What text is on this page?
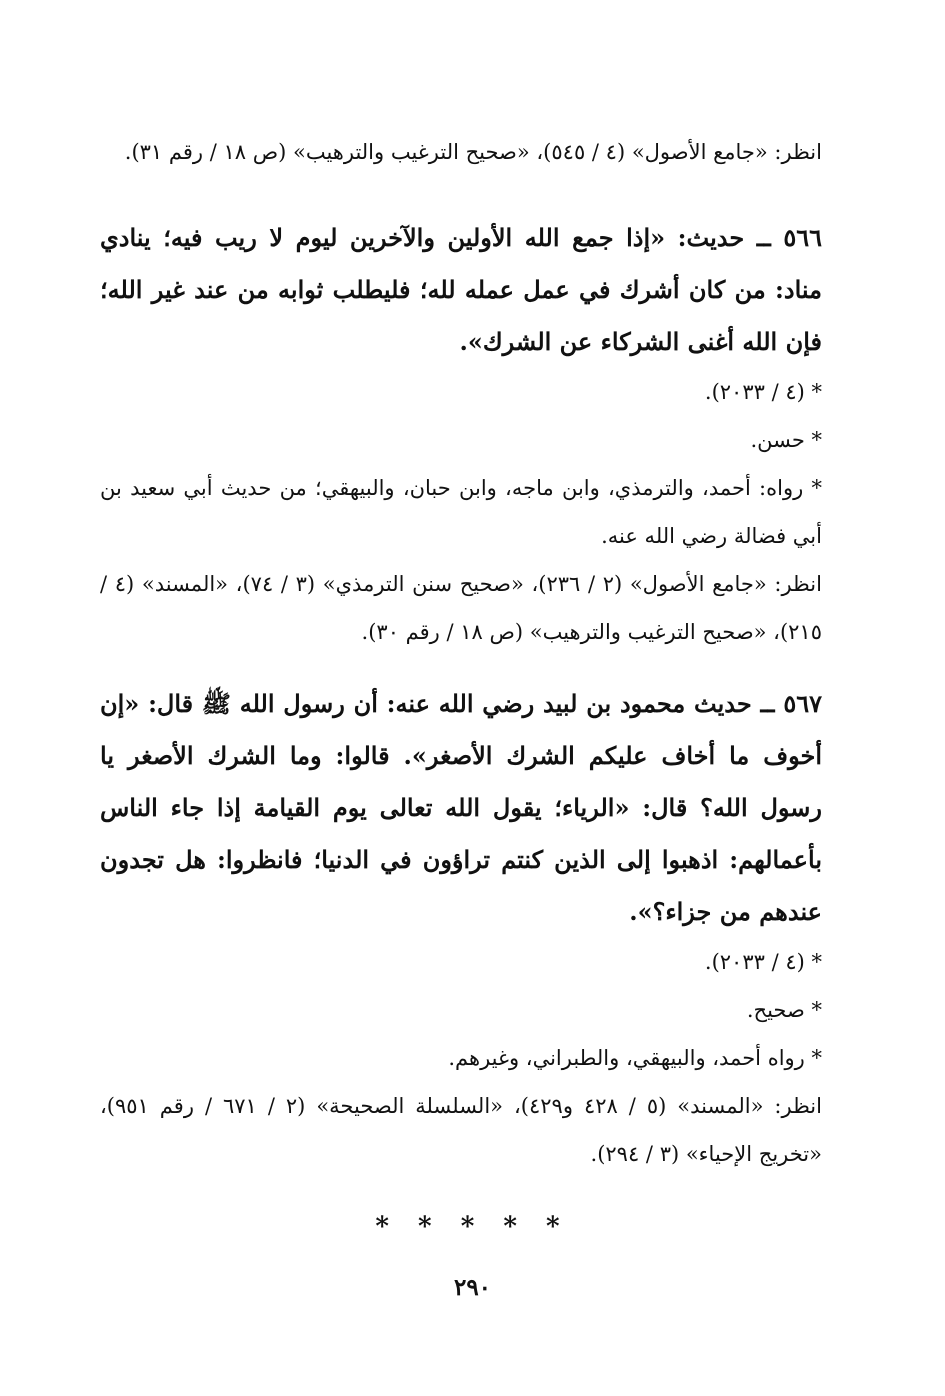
انظر: «جامع الأصول» (٤ / ٥٤٥)، «صحيح الترغيب والترهيب» (ص ١٨ / رقم ٣١).

٥٦٦ ــ حديث: «إذا جمع الله الأولين والآخرين ليوم لا ريب فيه؛ ينادي مناد: من كان أشرك في عمل عمله لله؛ فليطلب ثوابه من عند غير الله؛ فإن الله أغنى الشركاء عن الشرك».

* (٤ / ٢٠٣٣).

* حسن.

* رواه: أحمد، والترمذي، وابن ماجه، وابن حبان، والبيهقي؛ من حديث أبي سعيد بن أبي فضالة رضي الله عنه.

انظر: «جامع الأصول» (٢ / ٢٣٦)، «صحيح سنن الترمذي» (٣ / ٧٤)، «المسند» (٤ / ٢١٥)، «صحيح الترغيب والترهيب» (ص ١٨ / رقم ٣٠).

٥٦٧ ــ حديث محمود بن لبيد رضي الله عنه: أن رسول الله ﷺ قال: «إن أخوف ما أخاف عليكم الشرك الأصغر». قالوا: وما الشرك الأصغر يا رسول الله؟ قال: «الرياء؛ يقول الله تعالى يوم القيامة إذا جاء الناس بأعمالهم: اذهبوا إلى الذين كنتم تراؤون في الدنيا؛ فانظروا: هل تجدون عندهم من جزاء؟».

* (٤ / ٢٠٣٣).

* صحيح.

* رواه أحمد، والبيهقي، والطبراني، وغيرهم.

انظر: «المسند» (٥ / ٤٢٨ و٤٢٩)، «السلسلة الصحيحة» (٢ / ٦٧١ / رقم ٩٥١)، «تخريج الإحياء» (٣ / ٢٩٤).

* * * * *
٢٩٠
